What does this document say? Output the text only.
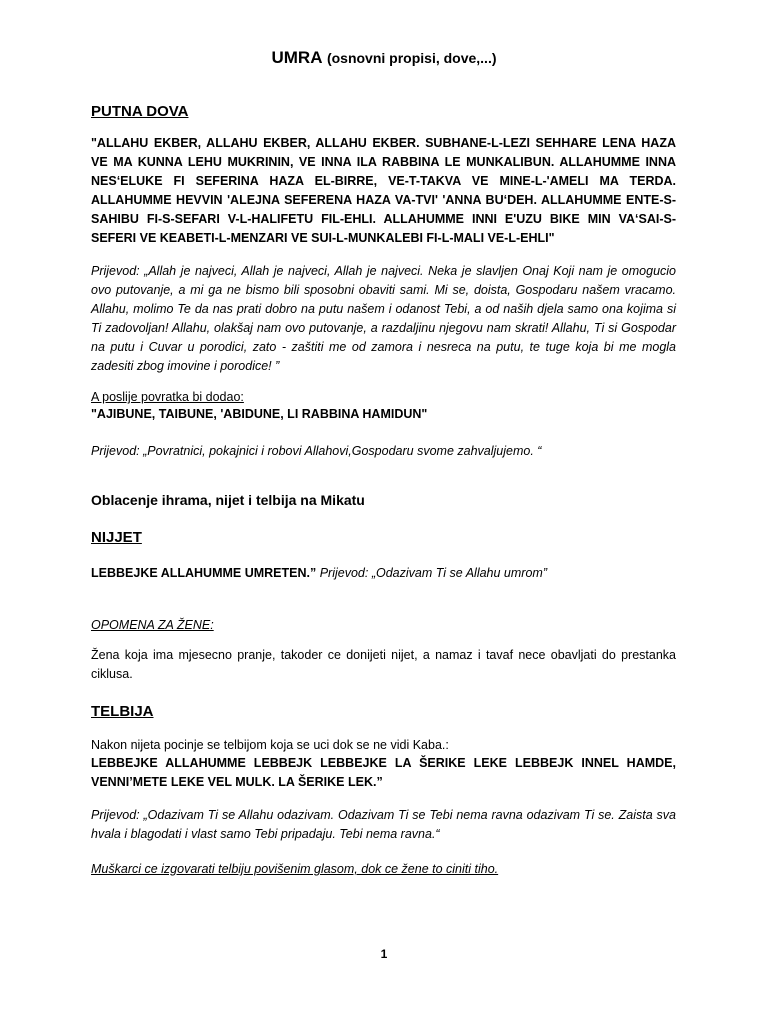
UMRA (osnovni propisi, dove,...)
PUTNA DOVA
"ALLAHU EKBER, ALLAHU EKBER, ALLAHU EKBER. SUBHANE-L-LEZI SEHHARE LENA HAZA VE MA KUNNA LEHU MUKRININ, VE INNA ILA RABBINA LE MUNKALIBUN. ALLAHUMME INNA NES‘ELUKE FI SEFERINA HAZA EL-BIRRE, VE-T-TAKVA VE MINE-L-'AMELI MA TERDA. ALLAHUMME HEVVIN 'ALEJNA SEFERENA HAZA VA-TVI' 'ANNA BU‘DEH. ALLAHUMME ENTE-S-SAHIBU FI-S-SEFARI V-L-HALIFETU FIL-EHLI. ALLAHUMME INNI E'UZU BIKE MIN VA‘SAI-S-SEFERI VE KEABETI-L-MENZARI VE SUI-L-MUNKALEBI FI-L-MALI VE-L-EHLI"
Prijevod: „Allah je najveci, Allah je najveci, Allah je najveci. Neka je slavljen Onaj Koji nam je omogucio ovo putovanje, a mi ga ne bismo bili sposobni obaviti sami. Mi se, doista, Gospodaru našem vracamo. Allahu, molimo Te da nas prati dobro na putu našem i odanost Tebi, a od naših djela samo ona kojima si Ti zadovoljan! Allahu, olakšaj nam ovo putovanje, a razdaljinu njegovu nam skrati! Allahu, Ti si Gospodar na putu i Cuvar u porodici, zato - zaštiti me od zamora i nesreca na putu, te tuge koja bi me mogla zadesiti zbog imovine i porodice! ”
A poslije povratka bi dodao:
"AJIBUNE, TAIBUNE, 'ABIDUNE, LI RABBINA HAMIDUN"
Prijevod: „Povratnici, pokajnici i robovi Allahovi,Gospodaru svome zahvaljujemo. “
Oblacenje ihrama, nijet i telbija na Mikatu
NIJJET
LEBBEJKE ALLAHUMME UMRETEN.” Prijevod: „Odazivam Ti se Allahu umrom”
OPOMENA ZA ŽENE:
Žena koja ima mjesecno pranje, takoder ce donijeti nijet, a namaz i tavaf nece obavljati do prestanka ciklusa.
TELBIJA
Nakon nijeta pocinje se telbijom koja se uci dok se ne vidi Kaba.:
LEBBEJKE ALLAHUMME LEBBEJK LEBBEJKE LA ŠERIKE LEKE LEBBEJK INNEL HAMDE, VENNI’METE LEKE VEL MULK. LA ŠERIKE LEK.”
Prijevod: „Odazivam Ti se Allahu odazivam. Odazivam Ti se Tebi nema ravna odazivam Ti se. Zaista sva hvala i blagodati i vlast samo Tebi pripadaju. Tebi nema ravna.“
Muškarci ce izgovarati telbiju povišenim glasom, dok ce žene to ciniti tiho.
1
